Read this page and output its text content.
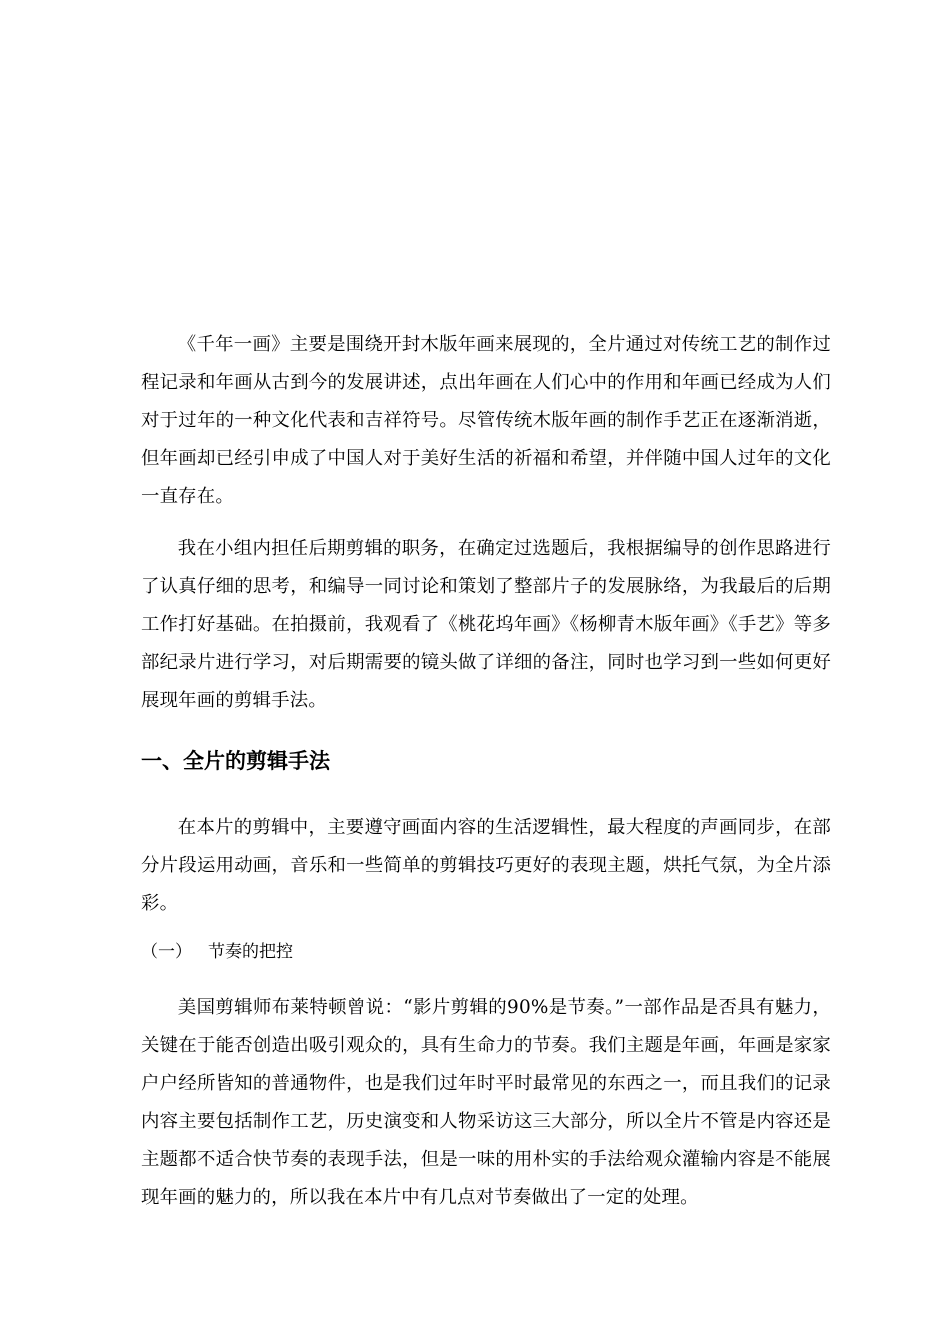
《千年一画》主要是围绕开封木版年画来展现的，全片通过对传统工艺的制作过程记录和年画从古到今的发展讲述，点出年画在人们心中的作用和年画已经成为人们对于过年的一种文化代表和吉祥符号。尽管传统木版年画的制作手艺正在逐渐消逝，但年画却已经引申成了中国人对于美好生活的祈福和希望，并伴随中国人过年的文化一直存在。

我在小组内担任后期剪辑的职务，在确定过选题后，我根据编导的创作思路进行了认真仔细的思考，和编导一同讨论和策划了整部片子的发展脉络，为我最后的后期工作打好基础。在拍摄前，我观看了《桃花坞年画》《杨柳青木版年画》《手艺》等多部纪录片进行学习，对后期需要的镜头做了详细的备注，同时也学习到一些如何更好展现年画的剪辑手法。

一、全片的剪辑手法

在本片的剪辑中，主要遵守画面内容的生活逻辑性，最大程度的声画同步，在部分片段运用动画，音乐和一些简单的剪辑技巧更好的表现主题，烘托气氛，为全片添彩。

（一） 节奏的把控

美国剪辑师布莱特顿曾说：“影片剪辑的90%是节奏。”一部作品是否具有魅力，关键在于能否创造出吸引观众的，具有生命力的节奏。我们主题是年画，年画是家家户户经所皆知的普通物件，也是我们过年时平时最常见的东西之一，而且我们的记录内容主要包括制作工艺，历史演变和人物采访这三大部分，所以全片不管是内容还是主题都不适合快节奏的表现手法，但是一味的用朴实的手法给观众灌输内容是不能展现年画的魅力的，所以我在本片中有几点对节奏做出了一定的处理。
